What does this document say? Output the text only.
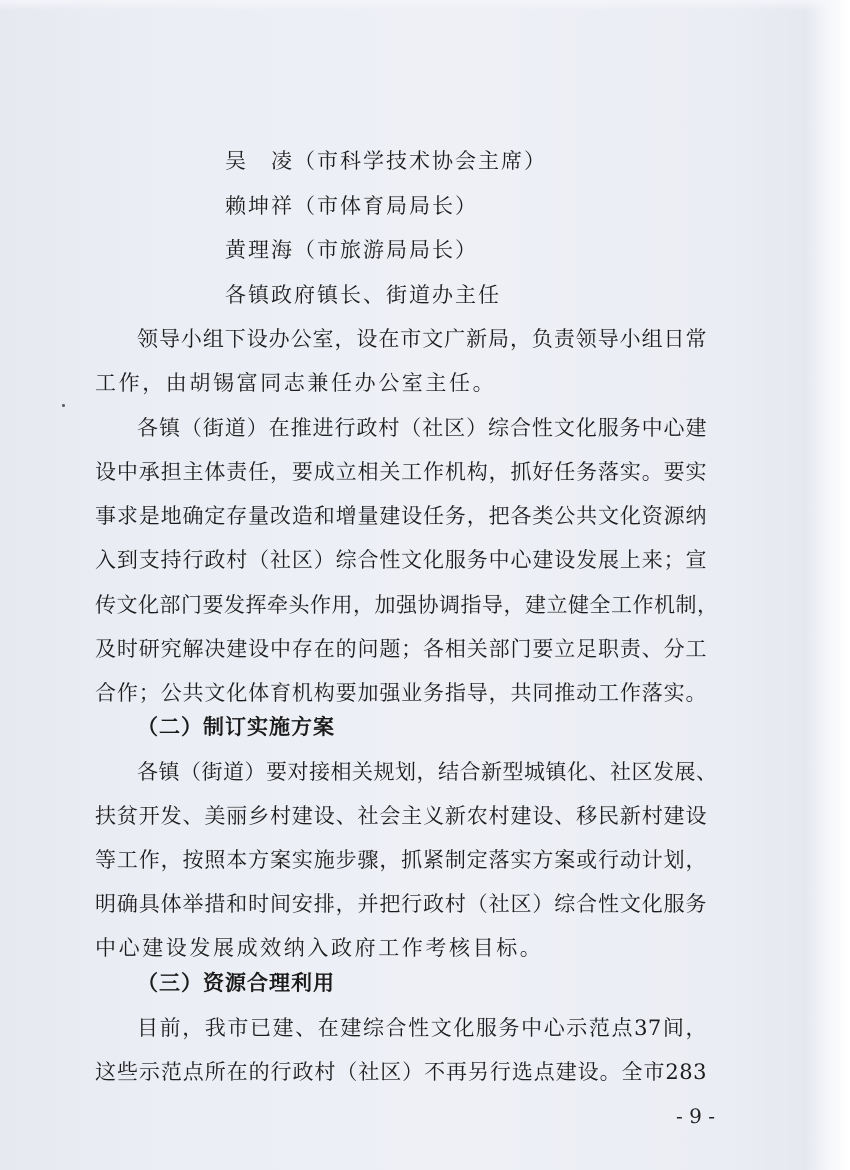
吴　凌（市科学技术协会主席）
赖坤祥（市体育局局长）
黄理海（市旅游局局长）
各镇政府镇长、街道办主任
领导小组下设办公室，设在市文广新局，负责领导小组日常
工作，由胡锡富同志兼任办公室主任。
各镇（街道）在推进行政村（社区）综合性文化服务中心建
设中承担主体责任，要成立相关工作机构，抓好任务落实。要实
事求是地确定存量改造和增量建设任务，把各类公共文化资源纳
入到支持行政村（社区）综合性文化服务中心建设发展上来；宣
传文化部门要发挥牵头作用，加强协调指导，建立健全工作机制，
及时研究解决建设中存在的问题；各相关部门要立足职责、分工
合作；公共文化体育机构要加强业务指导，共同推动工作落实。
（二）制订实施方案
各镇（街道）要对接相关规划，结合新型城镇化、社区发展、
扶贫开发、美丽乡村建设、社会主义新农村建设、移民新村建设
等工作，按照本方案实施步骤，抓紧制定落实方案或行动计划，
明确具体举措和时间安排，并把行政村（社区）综合性文化服务
中心建设发展成效纳入政府工作考核目标。
（三）资源合理利用
目前，我市已建、在建综合性文化服务中心示范点37间，
这些示范点所在的行政村（社区）不再另行选点建设。全市283
- 9 -
